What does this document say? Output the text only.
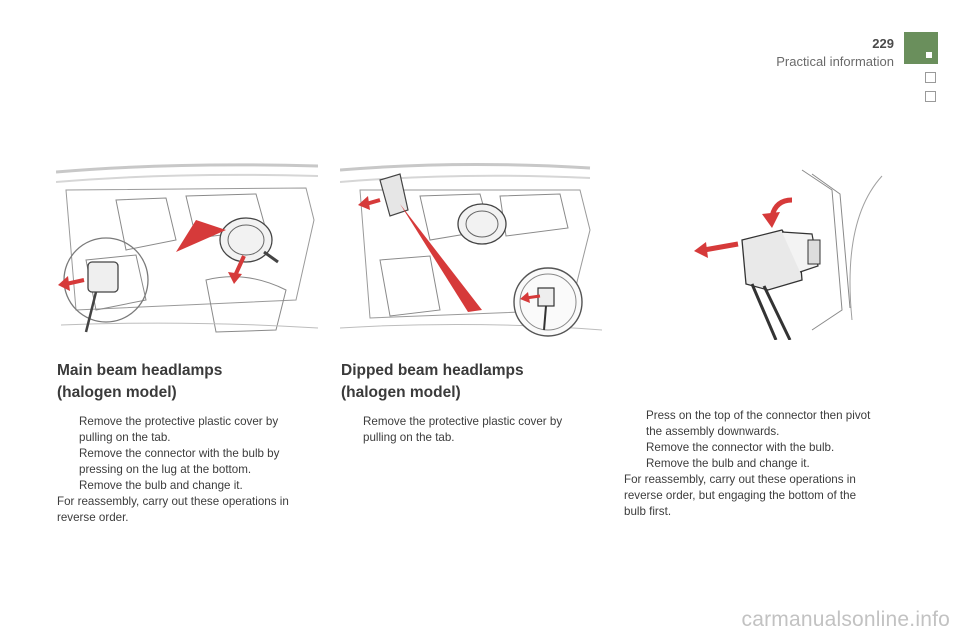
229
Practical information
Main beam headlamps
(halogen model)
Remove the protective plastic cover by pulling on the tab.
Remove the connector with the bulb by pressing on the lug at the bottom.
Remove the bulb and change it.

For reassembly, carry out these operations in reverse order.

Dipped beam headlamps
(halogen model)
Remove the protective plastic cover by pulling on the tab.
Press on the top of the connector then pivot the assembly downwards.
Remove the connector with the bulb.
Remove the bulb and change it.

For reassembly, carry out these operations in reverse order, but engaging the bottom of the bulb first.

carmanualsonline.info
